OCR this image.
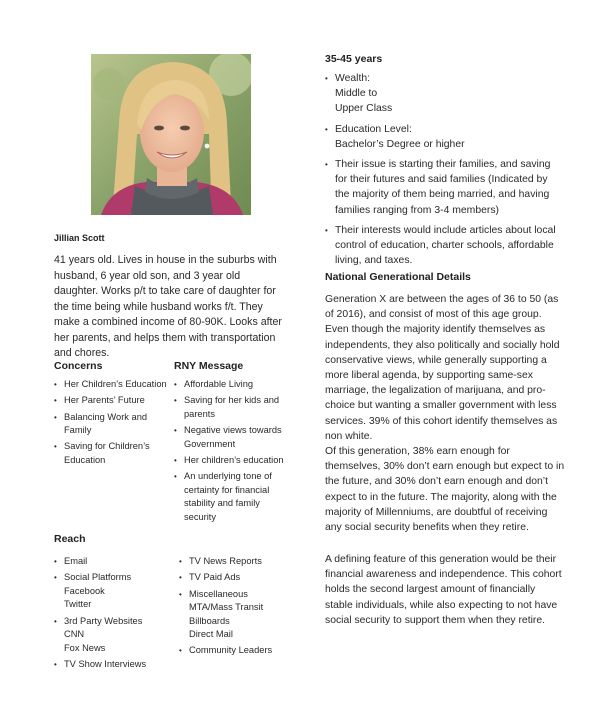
Jillian Scott
41 years old. Lives in house in the suburbs with husband, 6 year old son, and 3 year old daughter. Works p/t to take care of daughter for the time being while husband works f/t. They make a combined income of 80-90K. Looks after her parents, and helps them with transportation and chores.
Concerns
• Her Children’s Education
• Her Parents’ Future
• Balancing Work and
Family
• Saving for Children’s
Education
RNY Message
• Affordable Living
• Saving for her kids and
parents
• Negative views towards
Government
• Her children’s education
• An underlying tone of
certainty for financial
stability and family
security
Reach
• Email
• Social Platforms
Facebook
Twitter
• 3rd Party Websites
CNN
Fox News
• TV Show Interviews
• TV News Reports
• TV Paid Ads
• Miscellaneous
MTA/Mass Transit
Billboards
Direct Mail
• Community Leaders
35-45 years
• Wealth:
Middle to
Upper Class
• Education Level:
Bachelor’s Degree or higher
• Their issue is starting their families, and saving
for their futures and said families (Indicated by
the majority of them being married, and having
families ranging from 3-4 members)
• Their interests would include articles about local
control of education, charter schools, affordable
living, and taxes.
National Generational Details
Generation X are between the ages of 36 to 50 (as of 2016), and consist of most of this age group. Even though the majority identify themselves as independents, they also politically and socially hold conservative views, while generally supporting a more liberal agenda, by supporting same-sex marriage, the legalization of marijuana, and pro-choice but wanting a smaller government with less services. 39% of this cohort identify themselves as non white.
Of this generation, 38% earn enough for themselves, 30% don’t earn enough but expect to in the future, and 30% don’t earn enough and don’t expect to in the future. The majority, along with the majority of Millenniums, are doubtful of receiving any social security benefits when they retire.
A defining feature of this generation would be their financial awareness and independence. This cohort holds the second largest amount of financially stable individuals, while also expecting to not have social security to support them when they retire.
